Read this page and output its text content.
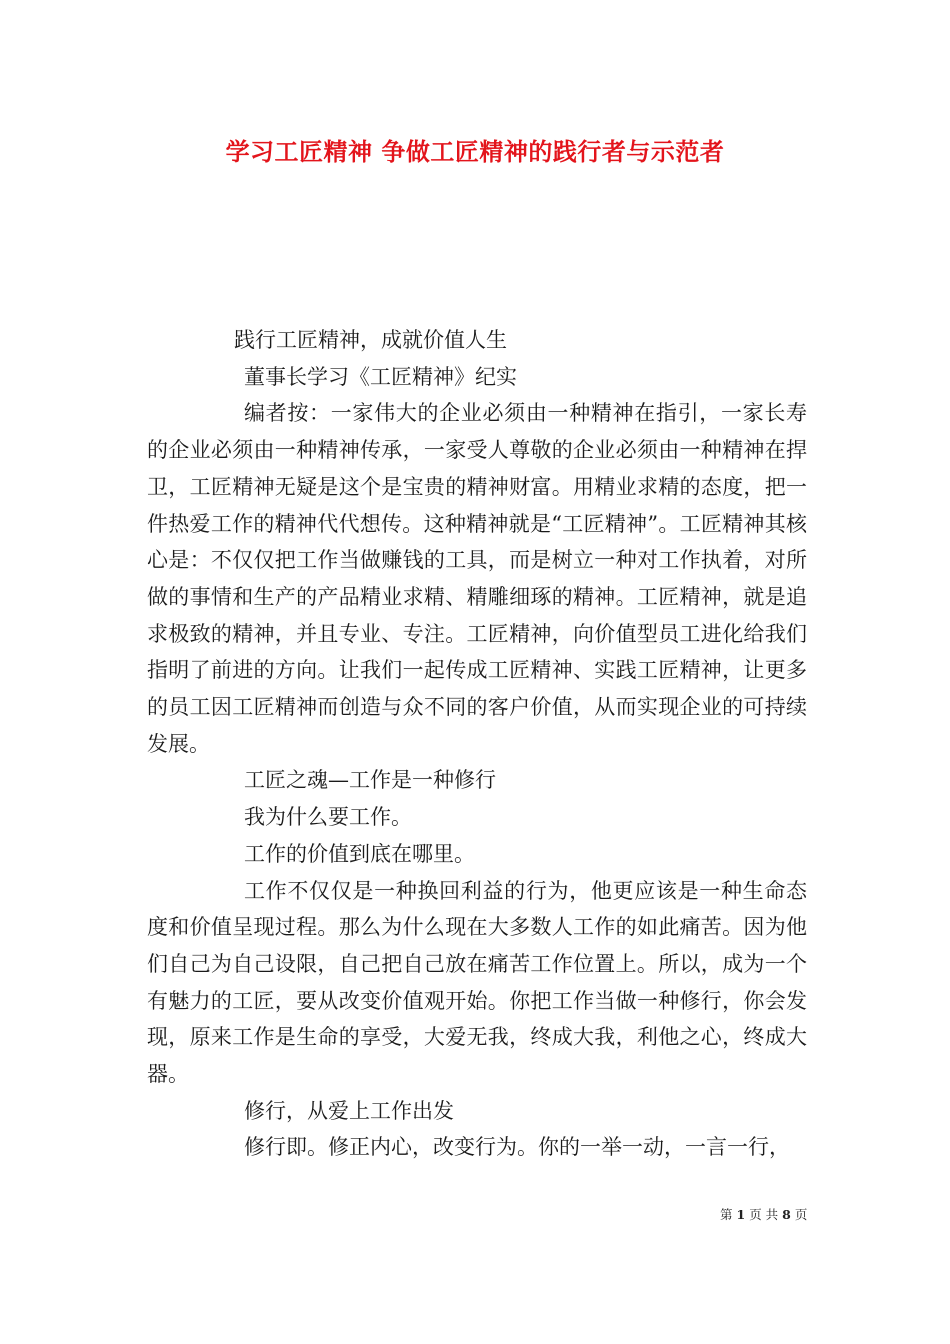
学习工匠精神 争做工匠精神的践行者与示范者

践行工匠精神，成就价值人生

董事长学习《工匠精神》纪实

编者按：一家伟大的企业必须由一种精神在指引，一家长寿的企业必须由一种精神传承，一家受人尊敬的企业必须由一种精神在捍卫，工匠精神无疑是这个是宝贵的精神财富。用精业求精的态度，把一件热爱工作的精神代代想传。这种精神就是“工匠精神”。工匠精神其核心是：不仅仅把工作当做赚钱的工具，而是树立一种对工作执着，对所做的事情和生产的产品精业求精、精雕细琢的精神。工匠精神，就是追求极致的精神，并且专业、专注。工匠精神，向价值型员工进化给我们指明了前进的方向。让我们一起传成工匠精神、实践工匠精神，让更多的员工因工匠精神而创造与众不同的客户价值，从而实现企业的可持续发展。

工匠之魂—工作是一种修行

我为什么要工作。

工作的价值到底在哪里。

工作不仅仅是一种换回利益的行为，他更应该是一种生命态度和价值呈现过程。那么为什么现在大多数人工作的如此痛苦。因为他们自己为自己设限，自己把自己放在痛苦工作位置上。所以，成为一个有魅力的工匠，要从改变价值观开始。你把工作当做一种修行，你会发现，原来工作是生命的享受，大爱无我，终成大我，利他之心，终成大器。

修行，从爱上工作出发

修行即。修正内心，改变行为。你的一举一动，一言一行，

第 1 页 共 8 页
